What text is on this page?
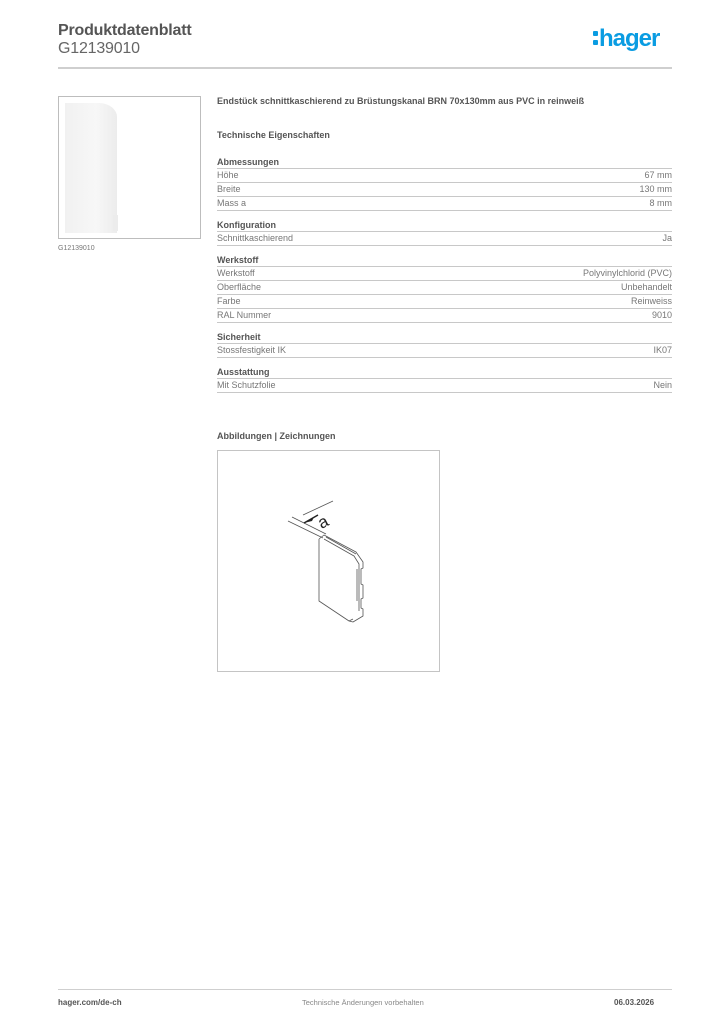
Produktdatenblatt
G12139010	hager
G12139010
Endstück schnittkaschierend zu Brüstungskanal BRN 70x130mm aus PVC in reinweiß
Technische Eigenschaften
Abmessungen
Höhe	67 mm
Breite	130 mm
Mass a	8 mm
Konfiguration
Schnittkaschierend	Ja
Werkstoff
Werkstoff	Polyvinylchlorid (PVC)
Oberfläche	Unbehandelt
Farbe	Reinweiss
RAL Nummer	9010
Sicherheit
Stossfestigkeit IK	IK07
Ausstattung
Mit Schutzfolie	Nein
Abbildungen | Zeichnungen
a
hager.com/de-ch	Technische Änderungen vorbehalten	06.03.2026
